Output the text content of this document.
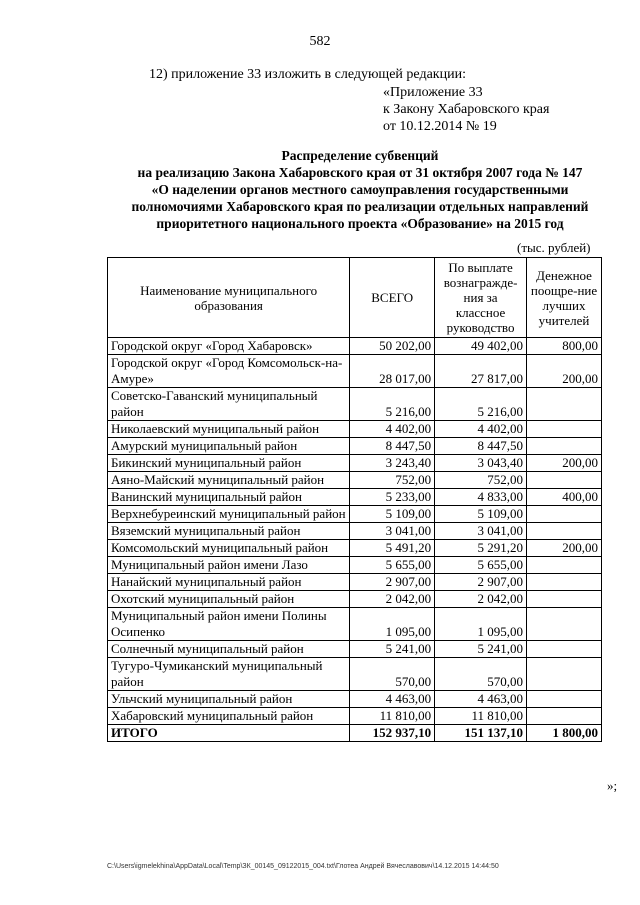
582
12) приложение 33 изложить в следующей редакции:
«Приложение 33
к Закону Хабаровского края
от 10.12.2014 № 19
Распределение субвенций
на реализацию Закона Хабаровского края от 31 октября 2007 года № 147
«О наделении органов местного самоуправления государственными
полномочиями Хабаровского края по реализации отдельных направлений
приоритетного национального проекта «Образование» на 2015 год
(тыс. рублей)
Наименование муниципального образования	ВСЕГО	По выплате вознагражде-ния за классное руководство	Денежное поощре-ние лучших учителей
Городской округ «Город Хабаровск»	50 202,00	49 402,00	800,00
Городской округ «Город Комсомольск-на-Амуре»	28 017,00	27 817,00	200,00
Советско-Гаванский муниципальный район	5 216,00	5 216,00	
Николаевский муниципальный район	4 402,00	4 402,00	
Амурский муниципальный район	8 447,50	8 447,50	
Бикинский муниципальный район	3 243,40	3 043,40	200,00
Аяно-Майский муниципальный район	752,00	752,00	
Ванинский муниципальный район	5 233,00	4 833,00	400,00
Верхнебуреинский муниципальный район	5 109,00	5 109,00	
Вяземский муниципальный район	3 041,00	3 041,00	
Комсомольский муниципальный район	5 491,20	5 291,20	200,00
Муниципальный район имени Лазо	5 655,00	5 655,00	
Нанайский муниципальный район	2 907,00	2 907,00	
Охотский муниципальный район	2 042,00	2 042,00	
Муниципальный район имени Полины Осипенко	1 095,00	1 095,00	
Солнечный муниципальный район	5 241,00	5 241,00	
Тугуро-Чумиканский муниципальный район	570,00	570,00	
Ульчский муниципальный район	4 463,00	4 463,00	
Хабаровский муниципальный район	11 810,00	11 810,00	
ИТОГО	152 937,10	151 137,10	1 800,00
»;
C:\Users\igmelekhina\AppData\Local\Temp\ЗК_00145_09122015_004.txt\Глотеа Андрей Вячеславович\14.12.2015 14:44:50
